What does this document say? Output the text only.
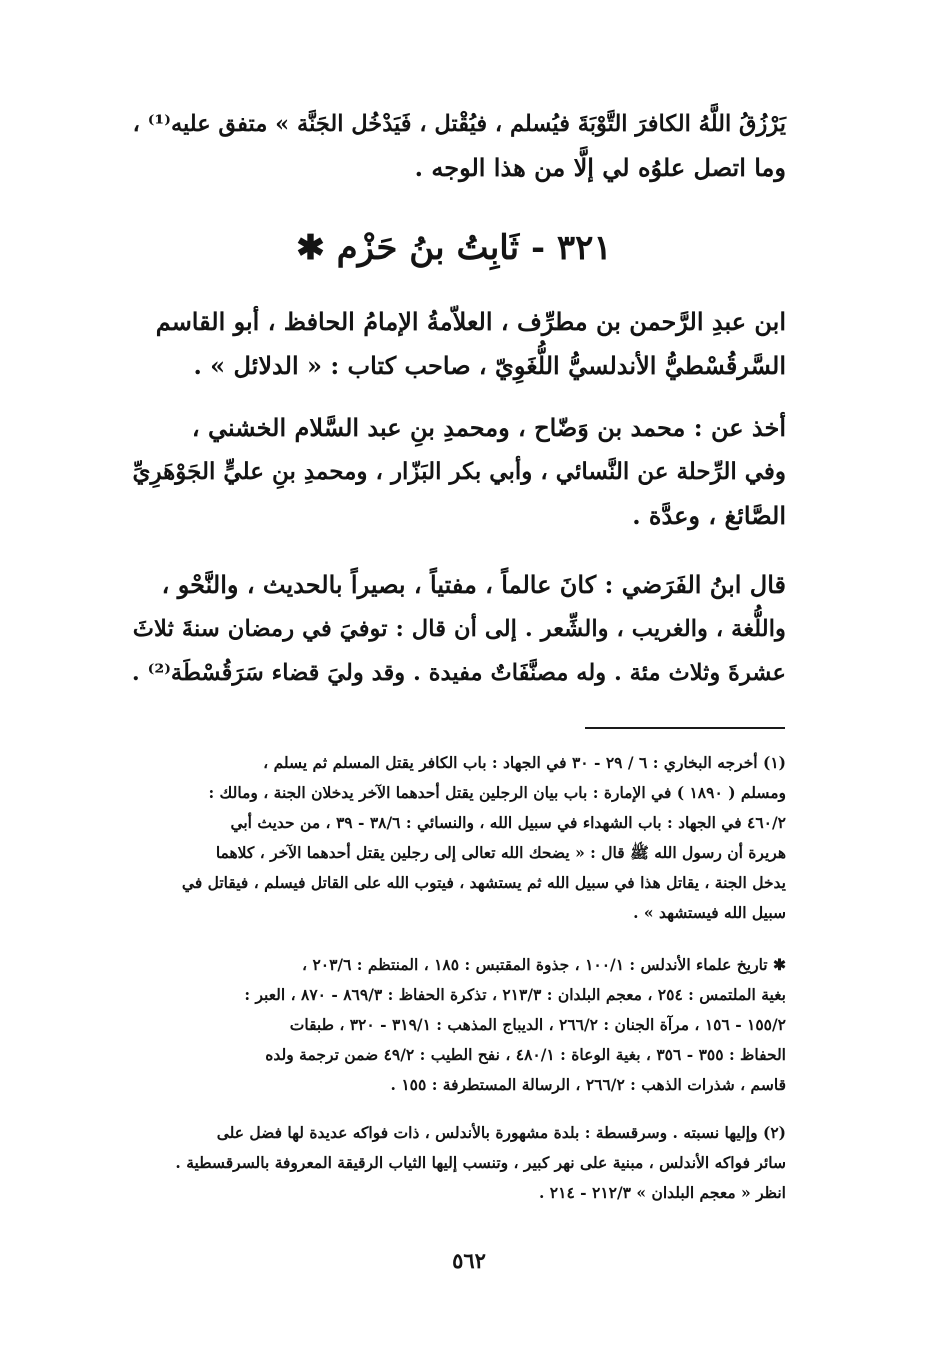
يَرْزُقُ اللَّهُ الكافرَ التَّوْبَةَ فيُسلم ، فيُقْتل ، فَيَدْخُل الجَنَّة » متفق عليه⁽¹⁾ ،
وما اتصل علوُه لي إلَّا من هذا الوجه .
٣٢١ - ثَابِتُ بنُ حَزْم ✱
ابن عبدِ الرَّحمن بن مطرِّف ، العلاّمةُ الإمامُ الحافظ ، أبو القاسم
السَّرقُسْطيُّ الأندلسيُّ اللُّغَوِيّ ، صاحب كتاب : « الدلائل » .
أخذ عن : محمد بن وَضّاح ، ومحمدِ بنِ عبد السَّلام الخشني ،
وفي الرِّحلة عن النَّسائي ، وأبي بكر البَزّار ، ومحمدِ بنِ عليٍّ الجَوْهَرِيِّ
الصَّائغ ، وعدَّة .
قال ابنُ الفَرَضي : كانَ عالماً ، مفتياً ، بصيراً بالحديث ، والنَّحْو ،
واللُّغة ، والغريب ، والشِّعر . إلى أن قال : توفيَ في رمضان سنةَ ثلاثَ
عشرةَ وثلاث مئة . وله مصنَّفَاتٌ مفيدة . وقد وليَ قضاء سَرَقُسْطَة⁽²⁾ .
(١) أخرجه البخاري : ٦ / ٢٩ - ٣٠ في الجهاد : باب الكافر يقتل المسلم ثم يسلم ،
ومسلم ( ١٨٩٠ ) في الإمارة : باب بيان الرجلين يقتل أحدهما الآخر يدخلان الجنة ، ومالك :
٤٦٠/٢ في الجهاد : باب الشهداء في سبيل الله ، والنسائي : ٣٨/٦ - ٣٩ ، من حديث أبي
هريرة أن رسول الله ﷺ قال : « يضحك الله تعالى إلى رجلين يقتل أحدهما الآخر ، كلاهما
يدخل الجنة ، يقاتل هذا في سبيل الله ثم يستشهد ، فيتوب الله على القاتل فيسلم ، فيقاتل في
سبيل الله فيستشهد » .
✱ تاريخ علماء الأندلس : ١٠٠/١ ، جذوة المقتبس : ١٨٥ ، المنتظم : ٢٠٣/٦ ،
بغية الملتمس : ٢٥٤ ، معجم البلدان : ٢١٣/٣ ، تذكرة الحفاظ : ٨٦٩/٣ - ٨٧٠ ، العبر :
١٥٥/٢ - ١٥٦ ، مرآة الجنان : ٢٦٦/٢ ، الديباج المذهب : ٣١٩/١ - ٣٢٠ ، طبقات
الحفاظ : ٣٥٥ - ٣٥٦ ، بغية الوعاة : ٤٨٠/١ ، نفح الطيب : ٤٩/٢ ضمن ترجمة ولده
قاسم ، شذرات الذهب : ٢٦٦/٢ ، الرسالة المستطرفة : ١٥٥ .
(٢) وإليها نسبته . وسرقسطة : بلدة مشهورة بالأندلس ، ذات فواكه عديدة لها فضل على
سائر فواكه الأندلس ، مبنية على نهر كبير ، وتنسب إليها الثياب الرقيقة المعروفة بالسرقسطية .
انظر « معجم البلدان » ٢١٢/٣ - ٢١٤ .
٥٦٢
